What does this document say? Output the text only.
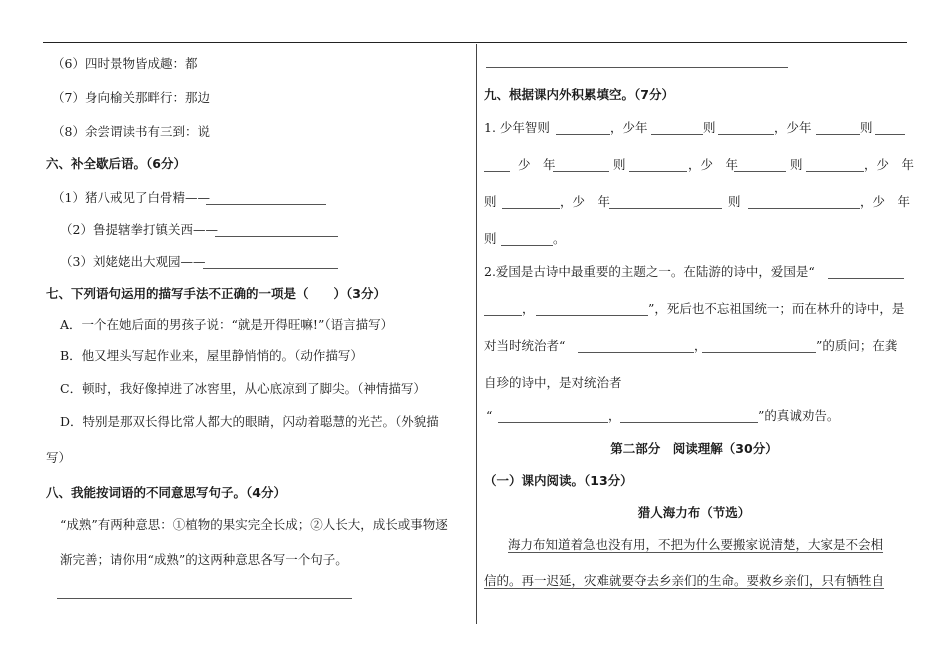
（6）四时景物皆成趣：都
（7）身向榆关那畔行：那边
（8）余尝谓读书有三到：说
六、补全歇后语。（6分）
（1）猪八戒见了白骨精——
（2）鲁提辖拳打镇关西——
（3）刘姥姥出大观园——
七、下列语句运用的描写手法不正确的一项是（　　）（3分）
A．一个在她后面的男孩子说：“就是开得旺嘛!”（语言描写）
B．他又埋头写起作业来，屋里静悄悄的。（动作描写）
C．顿时，我好像掉进了冰窖里，从心底凉到了脚尖。（神情描写）
D．特别是那双长得比常人都大的眼睛，闪动着聪慧的光芒。（外貌描
写）
八、我能按词语的不同意思写句子。（4分）
“成熟”有两种意思：①植物的果实完全长成；②人长大，成长或事物逐
渐完善；请你用“成熟”的这两种意思各写一个句子。
九、根据课内外积累填空。（7分）
1. 少年智则	，少年	则	，少年	则
少　年	则	，少　年	则	，少　年
则	，少　年	则	，少　年
则	。
2.爱国是古诗中最重要的主题之一。在陆游的诗中，爱国是“
，	”，死后也不忘祖国统一；而在林升的诗中，是
对当时统治者“	，	”的质问；在龚
自珍的诗中，是对统治者
“	，	”的真诚劝告。
第二部分　阅读理解（30分）
（一）课内阅读。（13分）
猎人海力布（节选）
海力布知道着急也没有用，不把为什么要搬家说清楚，大家是不会相
信的。再一迟延，灾难就要夺去乡亲们的生命。要救乡亲们，只有牺牲自
